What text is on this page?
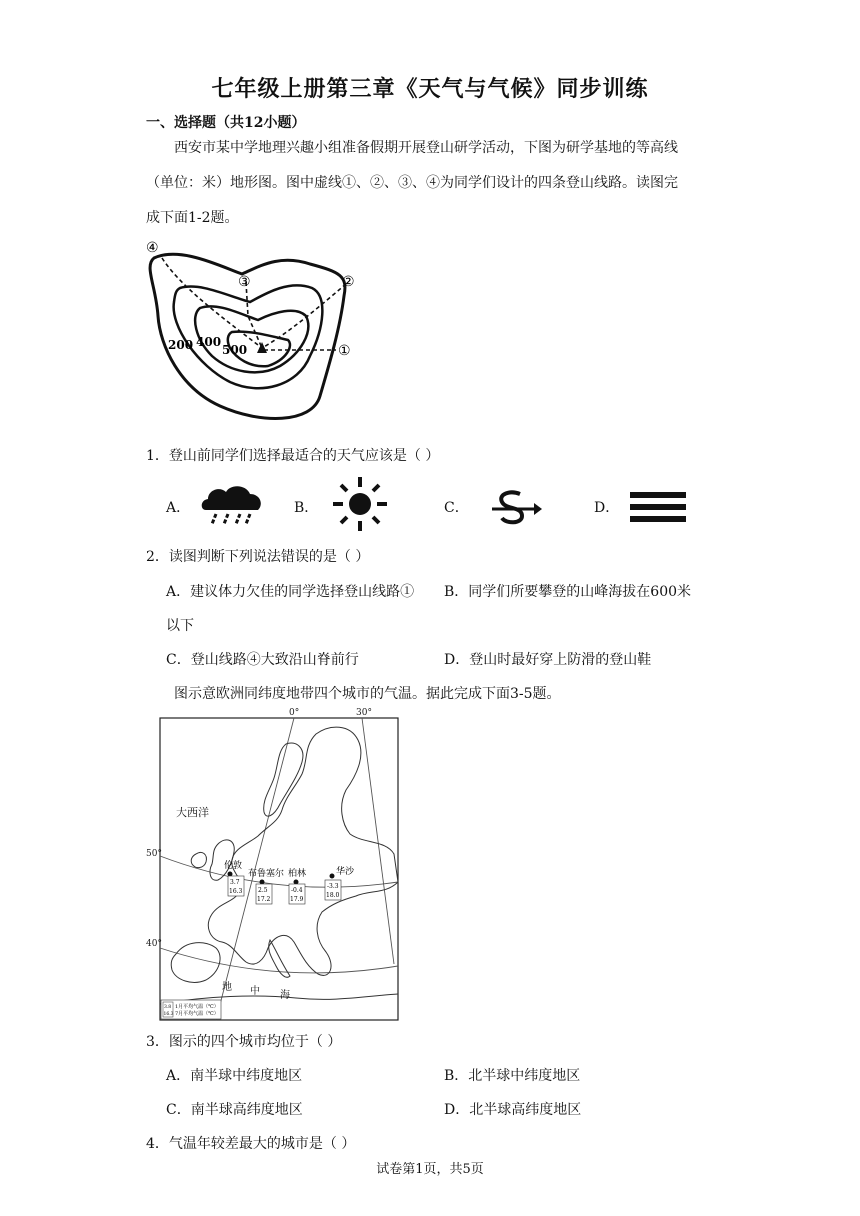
七年级上册第三章《天气与气候》同步训练
一、选择题（共12小题）
西安市某中学地理兴趣小组准备假期开展登山研学活动，下图为研学基地的等高线
（单位：米）地形图。图中虚线①、②、③、④为同学们设计的四条登山线路。读图完
成下面1-2题。
④
③	②
①
200 400
500
1．登山前同学们选择最适合的天气应该是（ ）
A．	B．	C．	D．
2．读图判断下列说法错误的是（ ）
A．建议体力欠佳的同学选择登山线路① B．同学们所要攀登的山峰海拔在600米
以下
C．登山线路④大致沿山脊前行	D．登山时最好穿上防滑的登山鞋
图示意欧洲同纬度地带四个城市的气温。据此完成下面3-5题。
0°	30°
50°
40°
大西洋
地 中 海
伦敦
3.7
16.3
布鲁塞尔
2.5
17.2
柏林
-0.4
17.9
华沙
-3.3
18.0
3.8
16.3
1月平均气温（℃）
7月平均气温（℃）
3．图示的四个城市均位于（ ）
A．南半球中纬度地区	B．北半球中纬度地区
C．南半球高纬度地区	D．北半球高纬度地区
4．气温年较差最大的城市是（ ）
试卷第1页，共5页
